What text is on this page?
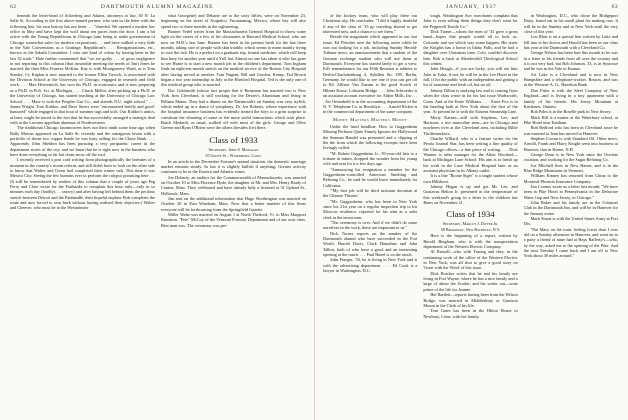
62	DARTMOUTH ALUMNI MAGAZINE

beneath the letter-head of Ackerberg and Adams, attorneys at law, 30 N. La Salle St. According to the first above-named partner, who sent us the letter with the following line, his own history has not been . . . "cheerful. We opened a modest law office in May and have kept the wolf about ten paces from the door. I am a bit active with the Young Republicans in Chicago (aim being to make government of Chicago somewhat safer for modern corporation). . . and have walked a very little in the Yale Conventions as a Gratinge, Republican's . . . Reorganizations, etc., known as the Sabath Committee. I vote one kind of colour by having been in the last 32 trials." Hale further commented that "we are guilty . . . of gross negligence in not reporting to this column (that invariable meeting the needs of Jim) Jones be married the then Miss Frances McKim. Kay is with Montgomery Ward, as is Tom Stanley. Cy Kaplan is now married to the former Ellen Tuvock, is associated with the Division School at the University of Chicago, engaged in research and field work. . . . Max Heavenrich, has won his Ph.D. in economics and is now preparing as a Ph.D. in Poli. Sci. at Michigan. . . . Chuck Mellor, after picking up a Ph.D. at the University of Chicago, has started teaching at the University of Chicago Law School. . . . Mase is with the Peoples Gas Co., and attends N.U. night school." . . . James Wright, Tom Kiddoo, and Dave Steers were "encountered briefly and good-humored" while engaged in that bout of summer tugs and toils. Our Kiddoo's antics, at least, might be traced to the fact that he has successfully arranged a strategic deal with at the Lucerne appellate alumnus of Northwestern.

The traditional Chicago lawnmowers does not their ninth some time ago when Bally Marcus appeared on La Salle St. recently and the outrageous lawns with a portfolio of about two copper bonds he was busy selling for the Chase Bank. . . . Apparently John Sheldon has been pursuing a very peripatetic career in the department stores of the city, and we learn that he is right now in the business who have done everything so far but clean snow off the roof.

I recently received a post card writing from photographically the hrrmites of a moment in the country's recent reform, and still didn't have to look on the other side to know that Walter and Gwen had completed their winter trek. This time it was Mexico City. Seeing the few humans ever to perform the calypso portaiting here . . . (It will be remembered by readers of this column that a couple of years ago Peg Ferry and Clare wrote for the Fairbanks to complain this hour only—only in so minutes each day (hardly). . . snowy) and after having left behind them the perilous stretch between Detroit and the Panhandle, their hopeful nephew Bob completes the route and now forced to own back without having realized their objective.) Walter and Cheever, who must be in the Westminster

what Georgette) and Debarie are to the sixty fifties, were on November 23, beginning on the street of Acapulco, Yucatauning, Mexico, where hey will also spend two or three months in the sightseeing.

Bartner Vedel writes from the Massachusetts General Hospital to throw some light on the career of a few of his classmates at Harvard Medical School, who are now on M.D.'s last June. Bartner has been in his present berth for the last three months, taking care of people with skin trouble, which seems to mean mainly trying to cure the itch. He is a prefect on a graduate trip, formal medicine, which will keep him busy for another year until a Yall. but Almost no one has taken it who has gone to see Hume is to start a new month job in the children's department. Tom Ingham finds an eight-ten-month stretch on the medical service of the Boston City Hospital after having served at another. Tom Nugent, Bill and Gordon, Kenny, Ted Brown began a two year internship in July at the Hartford Hospital. Ted is the only one of this medical group who is married.

Doc Goldsmith (whose fact proper that if Bonzman has married two is New York firm Cleveland, is still working for the Dexter's Aluminum and living in Pelham Manor. They had a dinner on the Dartmouth's on Sunday was very stylish, which ended up in a dance of symphony. Dr. Joe Roberts, whose experience with the hospital insurance business has evidently treated the boys to a grim surprise to constitute the vibrating of some or the more stolid transactions which took place. Butch Medardi, as usual, walked off with most of the girls. George and Olive Greene and Ryan O'Brien were the others (besides Joe) there.

Class of 1933

Secretary, John S. Monagan

55 Grove St., Waterbury, Conn.

In an article in the December Fortune's annual situation, the domestic marriage market remains steady. In last it is slightly bullish if anything; Greater activity continues to be in the Eastern and Atlantic zones.

Joe Doherty, an auditor for the Commonwealth of Massachusetts, was married on October 10 to Miss Florence Hyde, the daughter of Mr. and Mrs. Henry Brady of Canton, Mass. They celebrated and have already fully a licensed at 31 Upland St., Holbrook, Mass.

Jim sent on the additional information that Hugo Worthington was married on October 20 in East Wareham, Mass. Now that a better number of this Sears everyone will be forthcoming from the Springfield Gazette.

Miller Waltz was married on August 1 at North Thetford, Vt. to Miss Margaret Kinnison. "Pete" McCoy of the Vermont Forestry Department and of our own class. Best man was. The ceremony was per-

JANUARY, 1937	63

of the hockey team, who will play there our Christmas trip. He concludes: "I did it highly doubtful if any of the class of '33 go traveling abroad to get interested now, and a chance to see them."

Beside the magnitude which appeared in our last issue, Ed Fletcher sent the following notes while he was out looking for a job, including Sunday Herald-Tribune news, an announcement that a student of the German exchange student who will use them at Dartmouth. Everyone has started lately to get a view. Ed's remembrance for our Fifth Reunion is address to Berlin-Charlottenburg 4, Sybillen Str. 189, Berlin, Germany. he would like to see one if you can get off to Ed. Allister Van Zuzum is the good Scotch of Hilmer Kruse, Lobstein Bridge. . . . John Schroeder is an assistant account executive for Aldon Mills, Inc. . . . Art Oesterheld is in the accounting department of the N. Y. Telephone Co. in Brooklyn. . . . Arnold Ricker is in the commercial department of the same company.

Money Matters Matters Money

Under the lurid headline, How to Guggenheim Missing Perfume Quite Famrly Ignores for Hollywood the Seaman Handel was presented and a clipping of the the from which the following excerpts have been lovingly culled.

"M. Robert Guggenheim Jr., 39-year-old heir to a fortune in mines, dropped the wonder from his young wife and sent for it a few days ago.

"Announcing his resignation a member for the Guggenheim-controlled American Smelting and Refining Co., he said he would leave immediately for California.

"'My first job will be third assistant doorman at the Chinese Theater.'

"Mr. Guggenheim, who has been in New York since his 21st year on a regular inspection trip to his Moscow residence, reported for his stint as a sales clerk in the newsroom.

"The ceremony is over. And if we didn't do some ourselves in the work, these are important to us."

Dick Turner reports on the number of the Dartmouth alumni who have succeeded in the Fort Worth. Harold Davis, Clark Hanrahan and John Talbot, both of who have a good and an interesting opening at the ranch. . . . Paul Hazel is on the ranch.

John Praeger, '33, he is living in New York and is with the advertising department. . . . Ed Cook is a lawyer in Washington, D.C.

tough. Washington Ave. merchants complain that John is even selling them things they don't want for the Pepperell Textile Co."

Dick Turner—whom the men of '33 gave a great hand—hopes that people would all to look us. Colorado and see which way some happen. His sister the Knights has a home in Idaho Falls, and he had a daughter over Christmas time, Colo. couldn't discover him. Bob is back at Meadowhill Theological School this winter.

John Hough—if you are lucky, you will see him John in Tulsa, if not, he will be in the Lee Hotel in the fall, if for the public with an independent and getting a lot of nonsense and fresh oil, but no oil.

Johnny Dillon is studying law and is coming Gym when the class wrote in for his last issue Wadsworth, Conn. And at the Ernie Williams. . . . Ernie Fox is in the heading both at New York about the first of the year. At present he is with the Eastern Steamship Line.

Morty Karnes—still with Stephens, Lee, and Harrison, a trio masculine men—are in Chicago and nowheres over at the Cleveland area, including Billie Thriftmeadows.

Charlie Willard, who is a feature writer for the Peoria Journal Star, has been writing a fine quality of the Chicago offices—a fine piece of writing. . . . Dick Wanner is sales manager for the Alton Woodard—back at Michigan Lane School. His aim is to finish up his work in the Luxe Medical Hospital later as an assistant physician in its Albany outlet.

It is a fine "Boone Siger" is a single student whose own Hillsboro.

Johnny Hogan is up and got Mr. Lee, and Gustavus Belton Jr. presented in the temperature of this weekend's group in a letter to the children last Bates on November 21.

Class of 1934

Secretary, Marcus J. Dwyer Jr.

58 Broadway, New Rochelle, N.Y.

Here is the beginning of a report, written by Harold Bingham, who is with the transportation department of the Western Electric Company.

Al Russell—who with Truong and they, in the continuing work of the office of the Western Electric in New York, was all shot to give a good story on 'Gone with the Wind' of this issue.

Dick Bowker writes that he and his family are living in Fort Wayne, where he has a nice family and a large of about the Scarlet; and his writer out—wine prime of the life for Jeanne.

Hal Bartlett—reports having been from the Wilson Bridge, was married in Middlesbury or Garrison Mount in the Clerk of his life.

Tom Gates has been in the Hilton House in Newbury, Conn. with his family.

in Washington, D.C., who chose the Bridgeport Dairy, found out in his small plant for making cars. It will be in the Sunday and in New York until the very close of this year.

Lou Blair is on a special line written by Luke and fell into to his doctor and Harold has been in our class last year at the Dartmouth with a Cleveland Co.

George Nelson has been hurt this month as he was in a letter to his friends from all over the country and it is not very bad, but Bob Johnson, 33, is in Syracuse and he was in the Yale in Kansas.

Art Lake is a Cleveland and is now in New Hampshire and a telephone-worker. Boston, and was in the Western-A. G., Hazelton Bank.

Dan Fiske is with the Steel Company of New England—and is living in a tiny apartment with a family of his friends. His Jersey Mountain at Kitchener, Ontario.

Bob Palm is in the Roselle park in New Jersey.

Mark Hill is a master at the Waterbury school, at Pike Hotel near Eastham.

Bob Redford who has been in Cleveland since he was married to Jean has moved to Hanover.

Stephen Cowan is with Standard Oil. Other news: Arnold, Frank and Harry Knight went into business at Hanover, that in Keene, N.H.

George Dean is in New York since the October vacation, and working for the Sugar Refining Co.

Joe Mitchell lives in New Haven, and is in the Blue Ridge Mountains in Vermont.

William Kinney has returned from China to the Montreal-Phoenix Insurance Company.

Jim Loomis wrote us a letter last month: "We have been in Pike Hotel in Pennsylvania in the Delaware Water Gap and New Jersey, in Chicago."

John Baker and his family are in the Cohasset Club in the Dartmouth Inn, and will be in Hanover for the January event.

Mark Stuart is with the United States Army at Fort Dix.

"Put Mary on the train, feeling lower than I ever did on a Sunday afternoon in Hanover, and went on to a party a friend of mine had at Hays Rafferty's—who, by the way, asked me to the opening of the Pike. And the next Tuesday I came back and I am off to New York about 30 miles around."
